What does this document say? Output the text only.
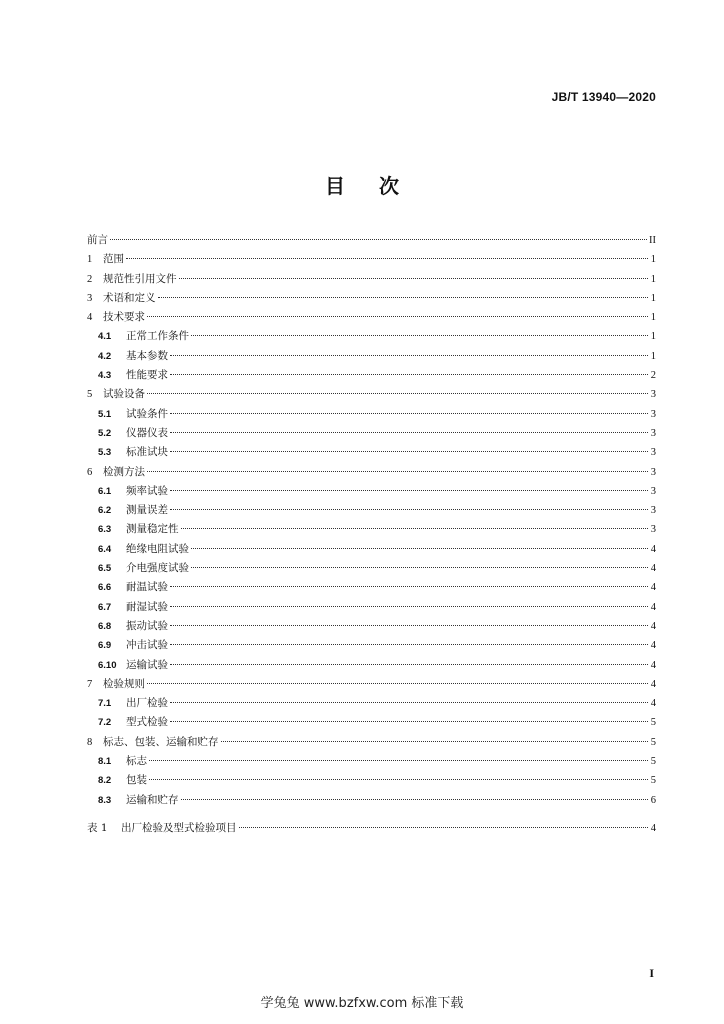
JB/T 13940—2020
目次
前言	II
1	范围	1
2	规范性引用文件	1
3	术语和定义	1
4	技术要求	1
4.1	正常工作条件	1
4.2	基本参数	1
4.3	性能要求	2
5	试验设备	3
5.1	试验条件	3
5.2	仪器仪表	3
5.3	标准试块	3
6	检测方法	3
6.1	频率试验	3
6.2	测量误差	3
6.3	测量稳定性	3
6.4	绝缘电阻试验	4
6.5	介电强度试验	4
6.6	耐温试验	4
6.7	耐湿试验	4
6.8	振动试验	4
6.9	冲击试验	4
6.10 运输试验	4
7	检验规则	4
7.1	出厂检验	4
7.2	型式检验	5
8	标志、包装、运输和贮存	5
8.1	标志	5
8.2	包装	5
8.3	运输和贮存	6
表 1	出厂检验及型式检验项目	4
I
学兔兔 www.bzfxw.com 标准下载
